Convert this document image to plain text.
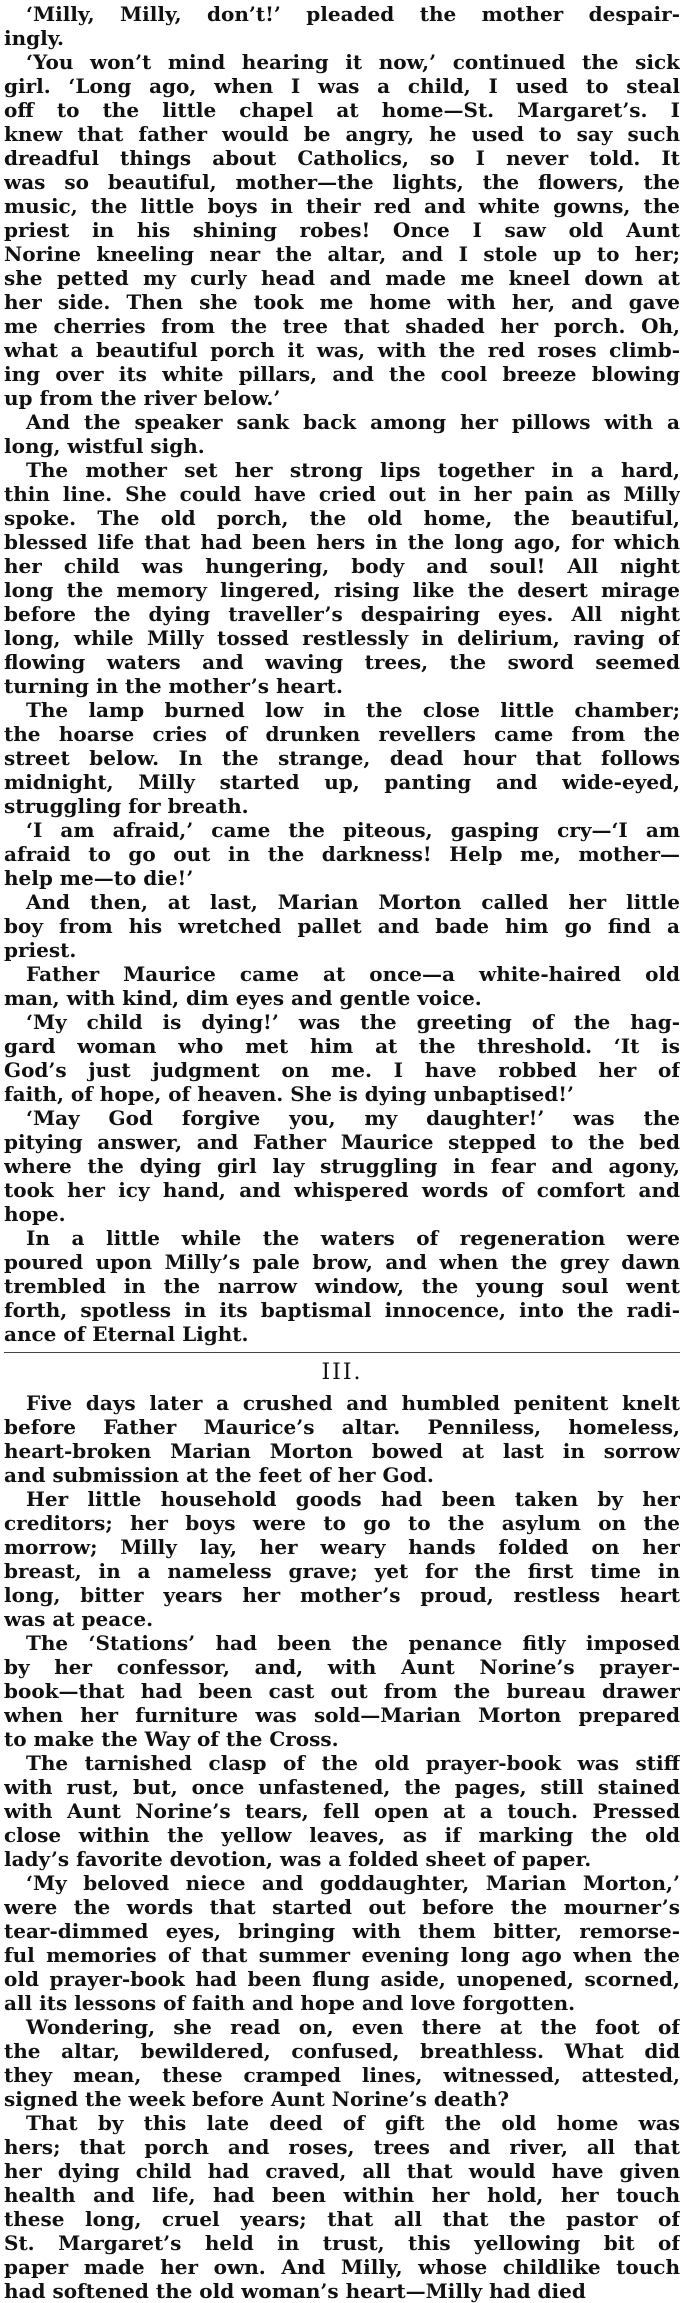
‘Milly, Milly, don’t!’ pleaded the mother despair-
ingly.
‘You won’t mind hearing it now,’ continued the sick
girl. ‘Long ago, when I was a child, I used to steal
off to the little chapel at home—St. Margaret’s. I
knew that father would be angry, he used to say such
dreadful things about Catholics, so I never told. It
was so beautiful, mother—the lights, the flowers, the
music, the little boys in their red and white gowns, the
priest in his shining robes! Once I saw old Aunt
Norine kneeling near the altar, and I stole up to her;
she petted my curly head and made me kneel down at
her side. Then she took me home with her, and gave
me cherries from the tree that shaded her porch. Oh,
what a beautiful porch it was, with the red roses climb-
ing over its white pillars, and the cool breeze blowing
up from the river below.’
And the speaker sank back among her pillows with a
long, wistful sigh.
The mother set her strong lips together in a hard,
thin line. She could have cried out in her pain as Milly
spoke. The old porch, the old home, the beautiful,
blessed life that had been hers in the long ago, for which
her child was hungering, body and soul! All night
long the memory lingered, rising like the desert mirage
before the dying traveller’s despairing eyes. All night
long, while Milly tossed restlessly in delirium, raving of
flowing waters and waving trees, the sword seemed
turning in the mother’s heart.
The lamp burned low in the close little chamber;
the hoarse cries of drunken revellers came from the
street below. In the strange, dead hour that follows
midnight, Milly started up, panting and wide-eyed,
struggling for breath.
‘I am afraid,’ came the piteous, gasping cry—‘I am
afraid to go out in the darkness! Help me, mother—
help me—to die!’
And then, at last, Marian Morton called her little
boy from his wretched pallet and bade him go find a
priest.
Father Maurice came at once—a white-haired old
man, with kind, dim eyes and gentle voice.
‘My child is dying!’ was the greeting of the hag-
gard woman who met him at the threshold. ‘It is
God’s just judgment on me. I have robbed her of
faith, of hope, of heaven. She is dying unbaptised!’
‘May God forgive you, my daughter!’ was the
pitying answer, and Father Maurice stepped to the bed
where the dying girl lay struggling in fear and agony,
took her icy hand, and whispered words of comfort and
hope.
In a little while the waters of regeneration were
poured upon Milly’s pale brow, and when the grey dawn
trembled in the narrow window, the young soul went
forth, spotless in its baptismal innocence, into the radi-
ance of Eternal Light.
III.
Five days later a crushed and humbled penitent knelt
before Father Maurice’s altar. Penniless, homeless,
heart-broken Marian Morton bowed at last in sorrow
and submission at the feet of her God.
Her little household goods had been taken by her
creditors; her boys were to go to the asylum on the
morrow; Milly lay, her weary hands folded on her
breast, in a nameless grave; yet for the first time in
long, bitter years her mother’s proud, restless heart
was at peace.
The ‘Stations’ had been the penance fitly imposed
by her confessor, and, with Aunt Norine’s prayer-
book—that had been cast out from the bureau drawer
when her furniture was sold—Marian Morton prepared
to make the Way of the Cross.
The tarnished clasp of the old prayer-book was stiff
with rust, but, once unfastened, the pages, still stained
with Aunt Norine’s tears, fell open at a touch. Pressed
close within the yellow leaves, as if marking the old
lady’s favorite devotion, was a folded sheet of paper.
‘My beloved niece and goddaughter, Marian Morton,’
were the words that started out before the mourner’s
tear-dimmed eyes, bringing with them bitter, remorse-
ful memories of that summer evening long ago when the
old prayer-book had been flung aside, unopened, scorned,
all its lessons of faith and hope and love forgotten.
Wondering, she read on, even there at the foot of
the altar, bewildered, confused, breathless. What did
they mean, these cramped lines, witnessed, attested,
signed the week before Aunt Norine’s death?
That by this late deed of gift the old home was
hers; that porch and roses, trees and river, all that
her dying child had craved, all that would have given
health and life, had been within her hold, her touch
these long, cruel years; that all that the pastor of
St. Margaret’s held in trust, this yellowing bit of
paper made her own. And Milly, whose childlike touch
had softened the old woman’s heart—Milly had died
